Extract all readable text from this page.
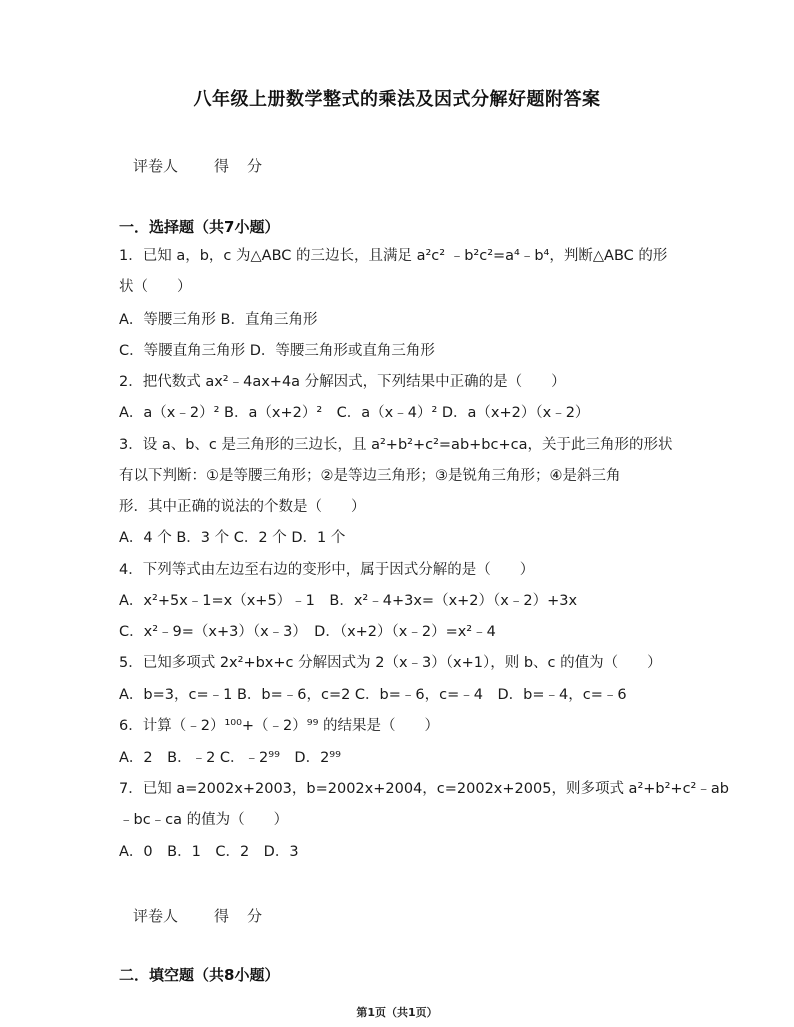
八年级上册数学整式的乘法及因式分解好题附答案
评卷人 得分
一．选择题（共7小题）
1．已知 a，b，c 为△ABC 的三边长，且满足 a²c² ﹣b²c²=a⁴﹣b⁴，判断△ABC 的形
状（　　）
A．等腰三角形 B．直角三角形
C．等腰直角三角形 D．等腰三角形或直角三角形
2．把代数式 ax²﹣4ax+4a 分解因式，下列结果中正确的是（　　）
A．a（x﹣2）² B．a（x+2）²　C．a（x﹣4）² D．a（x+2）（x﹣2）
3．设 a、b、c 是三角形的三边长，且 a²+b²+c²=ab+bc+ca，关于此三角形的形状
有以下判断：①是等腰三角形；②是等边三角形；③是锐角三角形；④是斜三角
形．其中正确的说法的个数是（　　）
A．4 个 B．3 个 C．2 个 D．1 个
4．下列等式由左边至右边的变形中，属于因式分解的是（　　）
A．x²+5x﹣1=x（x+5）﹣1　B．x²﹣4+3x=（x+2）（x﹣2）+3x
C．x²﹣9=（x+3）（x﹣3）　D．（x+2）（x﹣2）=x²﹣4
5．已知多项式 2x²+bx+c 分解因式为 2（x﹣3）（x+1），则 b、c 的值为（　　）
A．b=3，c=﹣1 B．b=﹣6，c=2 C．b=﹣6，c=﹣4　D．b=﹣4，c=﹣6
6．计算（﹣2）¹⁰⁰+（﹣2）⁹⁹ 的结果是（　　）
A．2　B．﹣2 C．﹣2⁹⁹　D．2⁹⁹
7．已知 a=2002x+2003，b=2002x+2004，c=2002x+2005，则多项式 a²+b²+c²﹣ab
﹣bc﹣ca 的值为（　　）
A．0　B．1　C．2　D．3
评卷人 得分
二．填空题（共8小题）
第1页（共1页）
